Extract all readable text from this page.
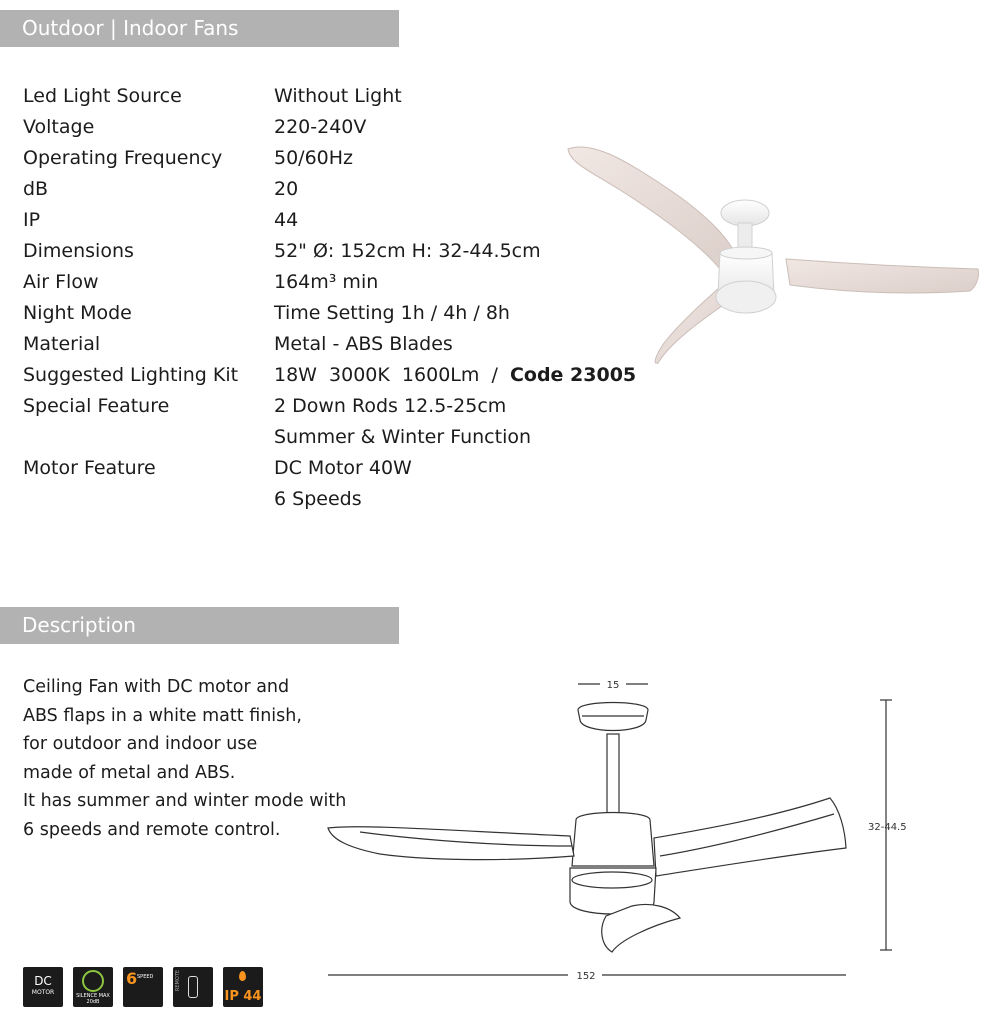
Outdoor | Indoor Fans
Led Light Source	Without Light
Voltage	220-240V
Operating Frequency	50/60Hz
dB	20
IP	44
Dimensions	52" Ø: 152cm H: 32-44.5cm
Air Flow	164m³ min
Night Mode	Time Setting 1h / 4h / 8h
Material	Metal - ABS Blades
Suggested Lighting Kit 18W  3000K  1600Lm  /  Code 23005
Special Feature	2 Down Rods 12.5-25cm
Summer & Winter Function
Motor Feature	DC Motor 40W
6 Speeds
Description
Ceiling Fan with DC motor and
ABS flaps in a white matt finish,
for outdoor and indoor use
made of metal and ABS.
It has summer and winter mode with
6 speeds and remote control.
15
32-44.5
152
DC
MOTOR	SILENCE MAX 20dB
6 SPEED	REMOTE
IP 44
